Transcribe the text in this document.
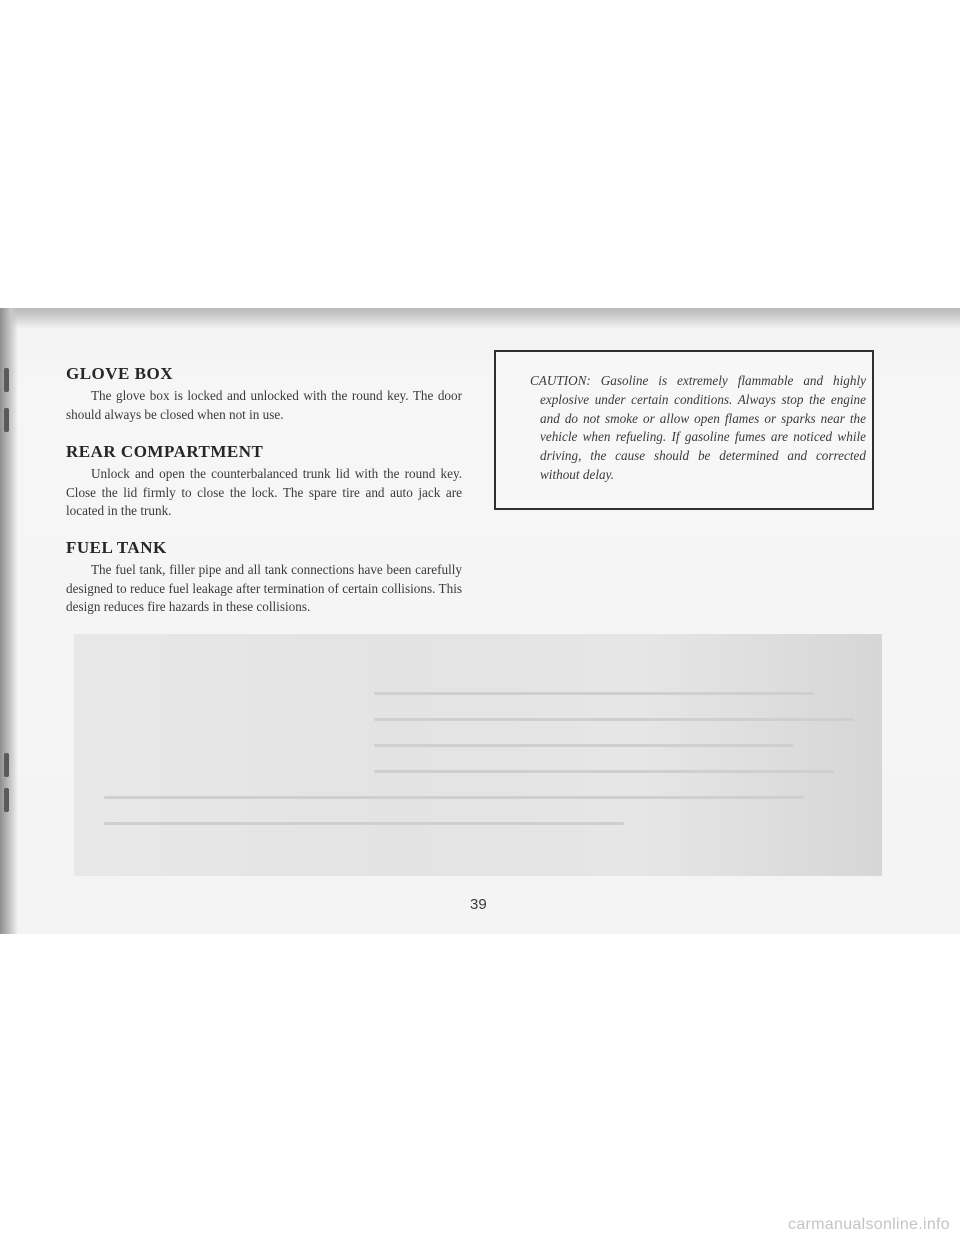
GLOVE BOX

The glove box is locked and unlocked with the round key. The door should always be closed when not in use.

REAR COMPARTMENT

Unlock and open the counterbalanced trunk lid with the round key. Close the lid firmly to close the lock. The spare tire and auto jack are located in the trunk.

FUEL TANK

The fuel tank, filler pipe and all tank connections have been carefully designed to reduce fuel leakage after termination of certain collisions. This design reduces fire hazards in these collisions.

CAUTION: Gasoline is extremely flammable and highly explosive under certain conditions. Always stop the engine and do not smoke or allow open flames or sparks near the vehicle when refueling. If gasoline fumes are noticed while driving, the cause should be determined and corrected without delay.

39
carmanualsonline.info
